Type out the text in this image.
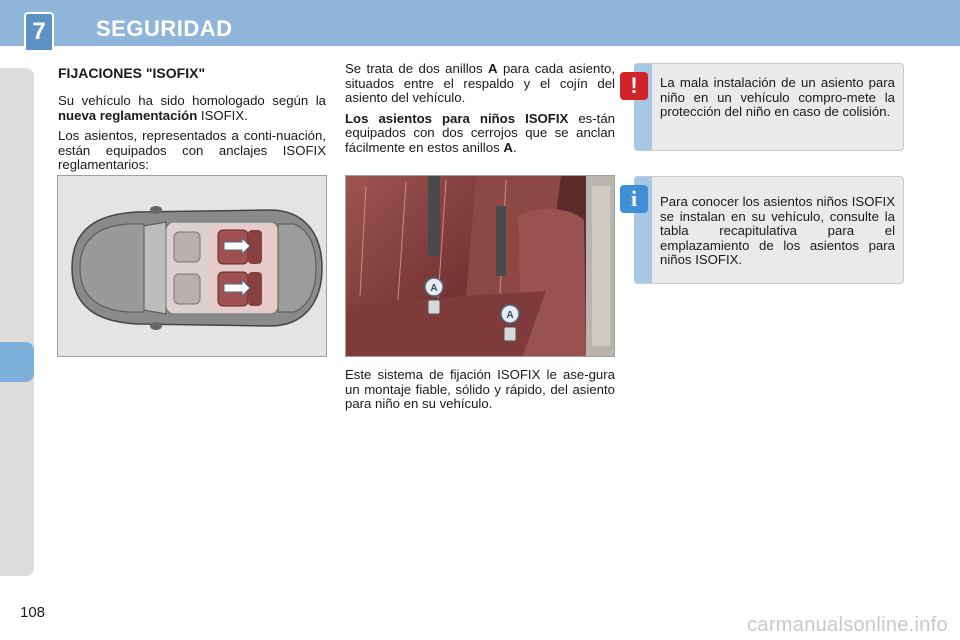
7	SEGURIDAD
FIJACIONES "ISOFIX"

Su vehículo ha sido homologado según la nueva reglamentación ISOFIX.

Los asientos, representados a conti-nuación, están equipados con anclajes ISOFIX reglamentarios:

Se trata de dos anillos A para cada asiento, situados entre el respaldo y el cojín del asiento del vehículo.

Los asientos para niños ISOFIX es-tán equipados con dos cerrojos que se anclan fácilmente en estos anillos A.

A
A

Este sistema de fijación ISOFIX le ase-gura un montaje fiable, sólido y rápido, del asiento para niño en su vehículo.

La mala instalación de un asiento para niño en un vehículo compro-mete la protección del niño en caso de colisión.
!
Para conocer los asientos niños ISOFIX se instalan en su vehículo, consulte la tabla recapitulativa para el emplazamiento de los asientos para niños ISOFIX.
i
108
carmanualsonline.info
